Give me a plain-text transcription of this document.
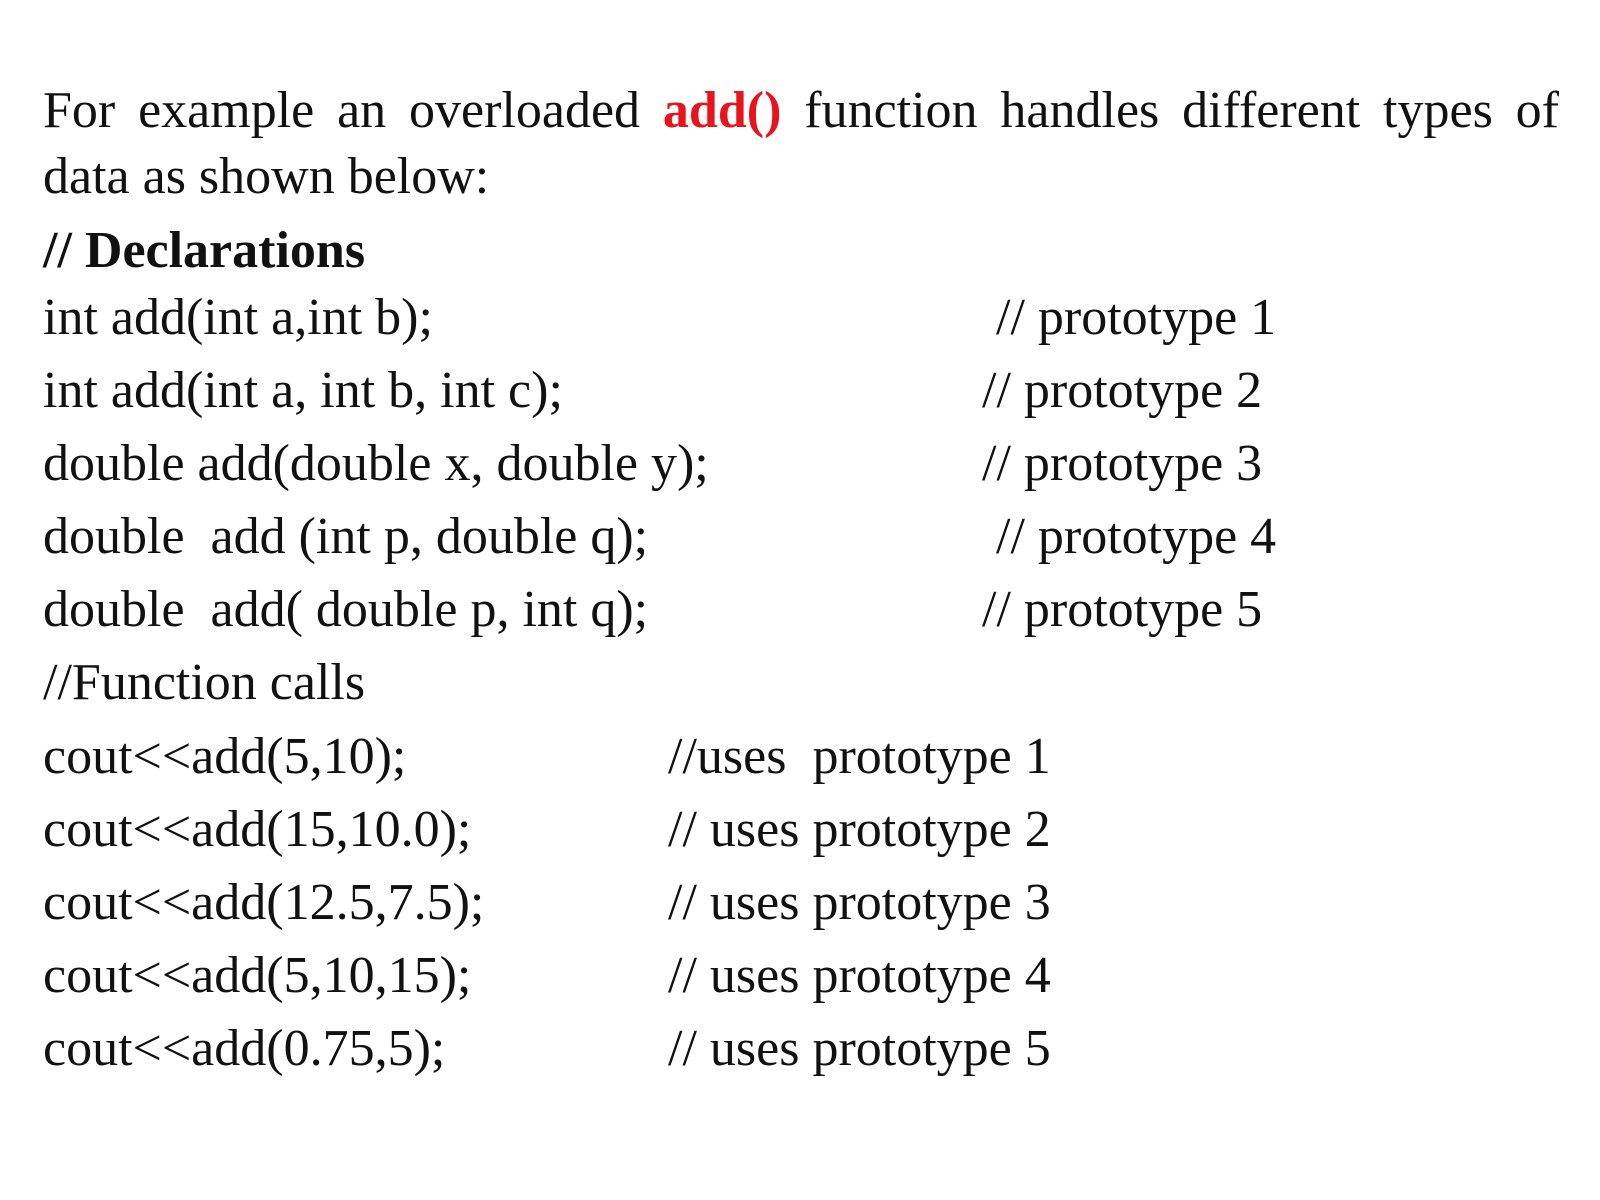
For example an overloaded add() function handles different types of data as shown below:

// Declarations

int add(int a,int b);	// prototype 1

int add(int a, int b, int c);	// prototype 2

double add(double x, double y);	// prototype 3

double  add (int p, double q);	// prototype 4

double  add( double p, int q);	// prototype 5

//Function calls

cout<<add(5,10);	//uses  prototype 1

cout<<add(15,10.0);	// uses prototype 2

cout<<add(12.5,7.5);	// uses prototype 3

cout<<add(5,10,15);	// uses prototype 4

cout<<add(0.75,5);	// uses prototype 5
